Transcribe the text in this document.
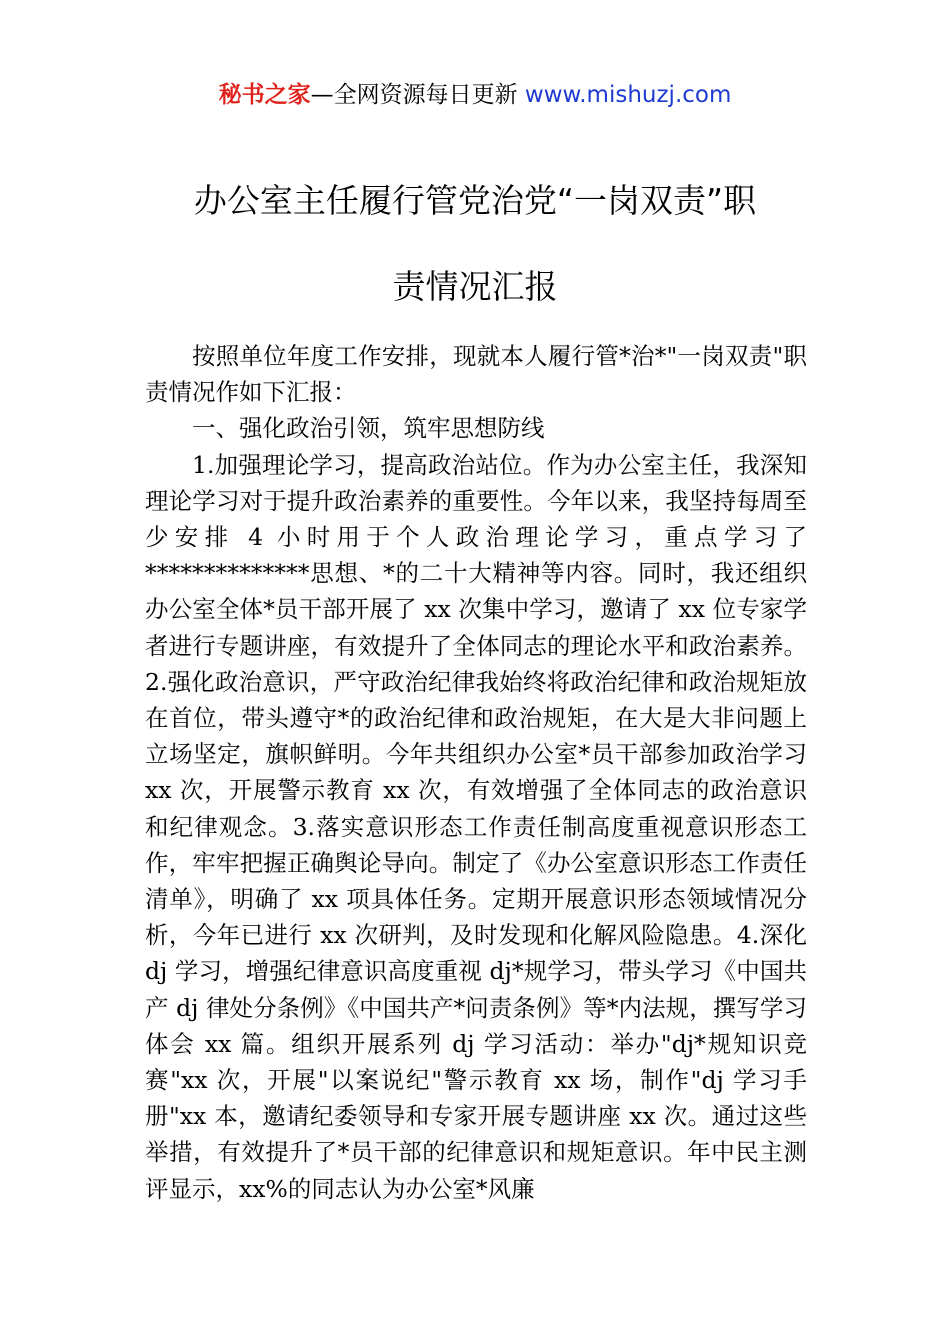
秘书之家—全网资源每日更新 www.mishuzj.com
办公室主任履行管党治党“一岗双责”职
责情况汇报

按照单位年度工作安排，现就本人履行管*治*"一岗双责"职责情况作如下汇报：

一、强化政治引领，筑牢思想防线

1.加强理论学习，提高政治站位。作为办公室主任，我深知理论学习对于提升政治素养的重要性。今年以来，我坚持每周至少安排 4 小时用于个人政治理论学习，重点学习了**************思想、*的二十大精神等内容。同时，我还组织办公室全体*员干部开展了 xx 次集中学习，邀请了 xx 位专家学者进行专题讲座，有效提升了全体同志的理论水平和政治素养。2.强化政治意识，严守政治纪律我始终将政治纪律和政治规矩放在首位，带头遵守*的政治纪律和政治规矩，在大是大非问题上立场坚定，旗帜鲜明。今年共组织办公室*员干部参加政治学习 xx 次，开展警示教育 xx 次，有效增强了全体同志的政治意识和纪律观念。3.落实意识形态工作责任制高度重视意识形态工作，牢牢把握正确舆论导向。制定了《办公室意识形态工作责任清单》，明确了 xx 项具体任务。定期开展意识形态领域情况分析，今年已进行 xx 次研判，及时发现和化解风险隐患。4.深化 dj 学习，增强纪律意识高度重视 dj*规学习，带头学习《中国共产 dj 律处分条例》《中国共产*问责条例》等*内法规，撰写学习体会 xx 篇。组织开展系列 dj 学习活动：举办"dj*规知识竞赛"xx 次，开展"以案说纪"警示教育 xx 场，制作"dj 学习手册"xx 本，邀请纪委领导和专家开展专题讲座 xx 次。通过这些举措，有效提升了*员干部的纪律意识和规矩意识。年中民主测评显示，xx%的同志认为办公室*风廉
